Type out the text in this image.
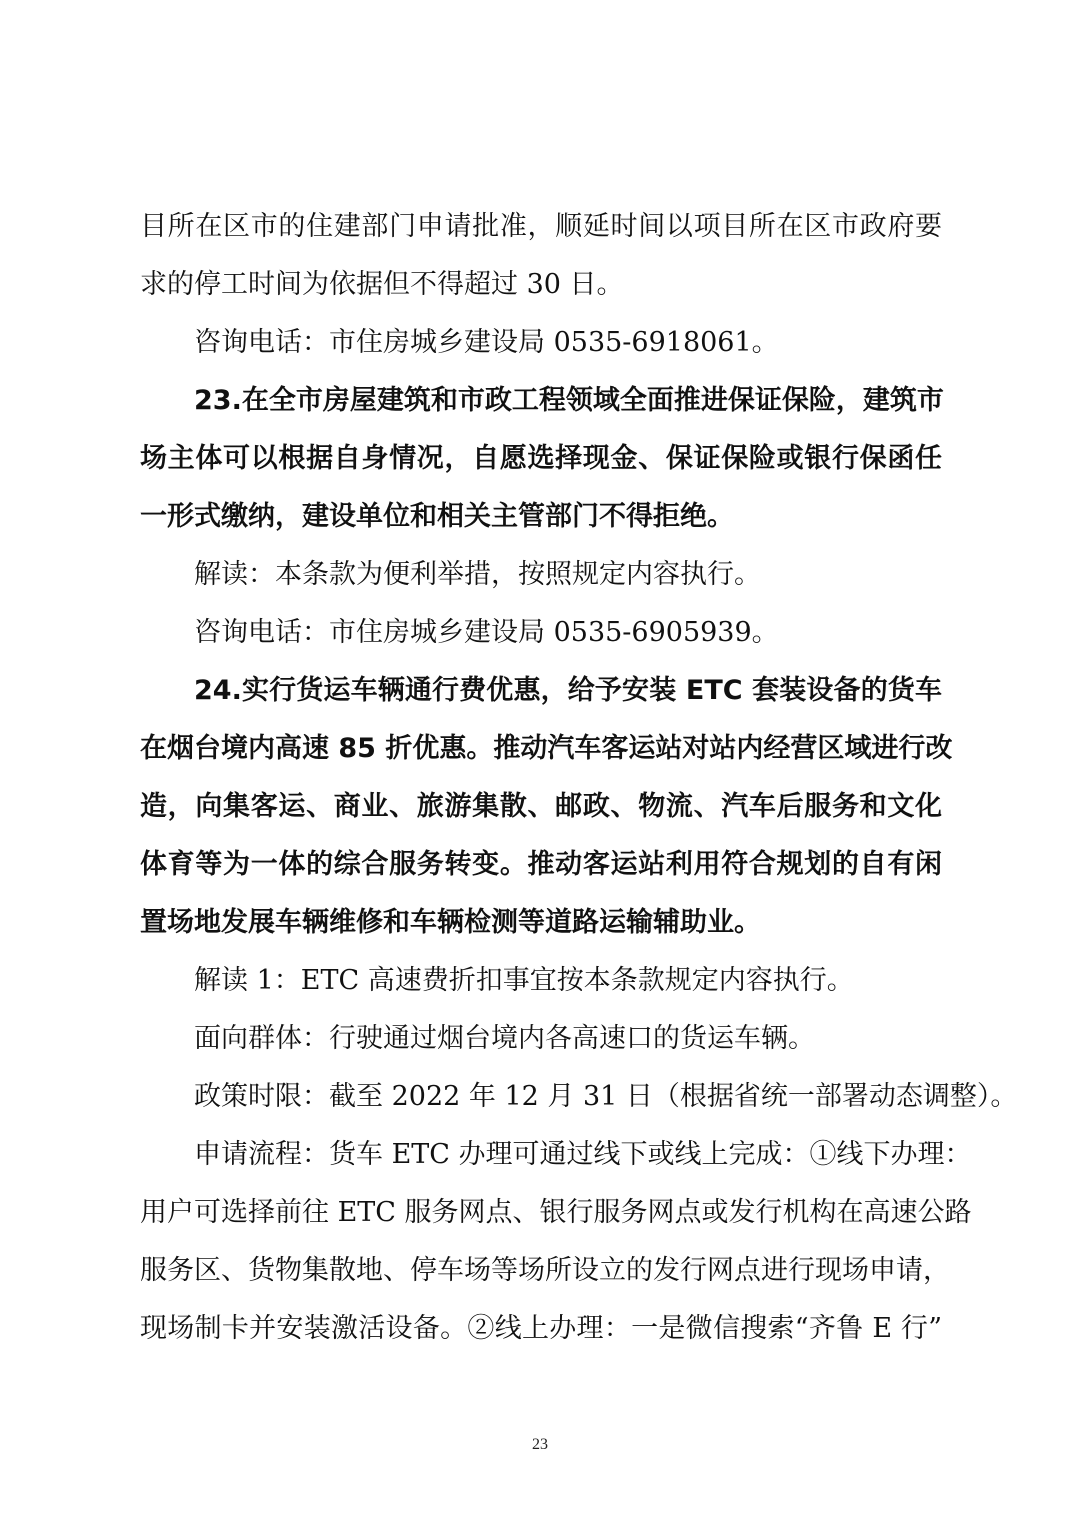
目所在区市的住建部门申请批准，顺延时间以项目所在区市政府要
求的停工时间为依据但不得超过 30 日。
咨询电话：市住房城乡建设局 0535-6918061。
23.在全市房屋建筑和市政工程领域全面推进保证保险，建筑市
场主体可以根据自身情况，自愿选择现金、保证保险或银行保函任
一形式缴纳，建设单位和相关主管部门不得拒绝。
解读：本条款为便利举措，按照规定内容执行。
咨询电话：市住房城乡建设局 0535-6905939。
24.实行货运车辆通行费优惠，给予安装 ETC 套装设备的货车
在烟台境内高速 85 折优惠。推动汽车客运站对站内经营区域进行改
造，向集客运、商业、旅游集散、邮政、物流、汽车后服务和文化
体育等为一体的综合服务转变。推动客运站利用符合规划的自有闲
置场地发展车辆维修和车辆检测等道路运输辅助业。
解读 1：ETC 高速费折扣事宜按本条款规定内容执行。
面向群体：行驶通过烟台境内各高速口的货运车辆。
政策时限：截至 2022 年 12 月 31 日（根据省统一部署动态调整）。
申请流程：货车 ETC 办理可通过线下或线上完成：①线下办理：
用户可选择前往 ETC 服务网点、银行服务网点或发行机构在高速公路
服务区、货物集散地、停车场等场所设立的发行网点进行现场申请，
现场制卡并安装激活设备。②线上办理：一是微信搜索“齐鲁 E 行”
23
